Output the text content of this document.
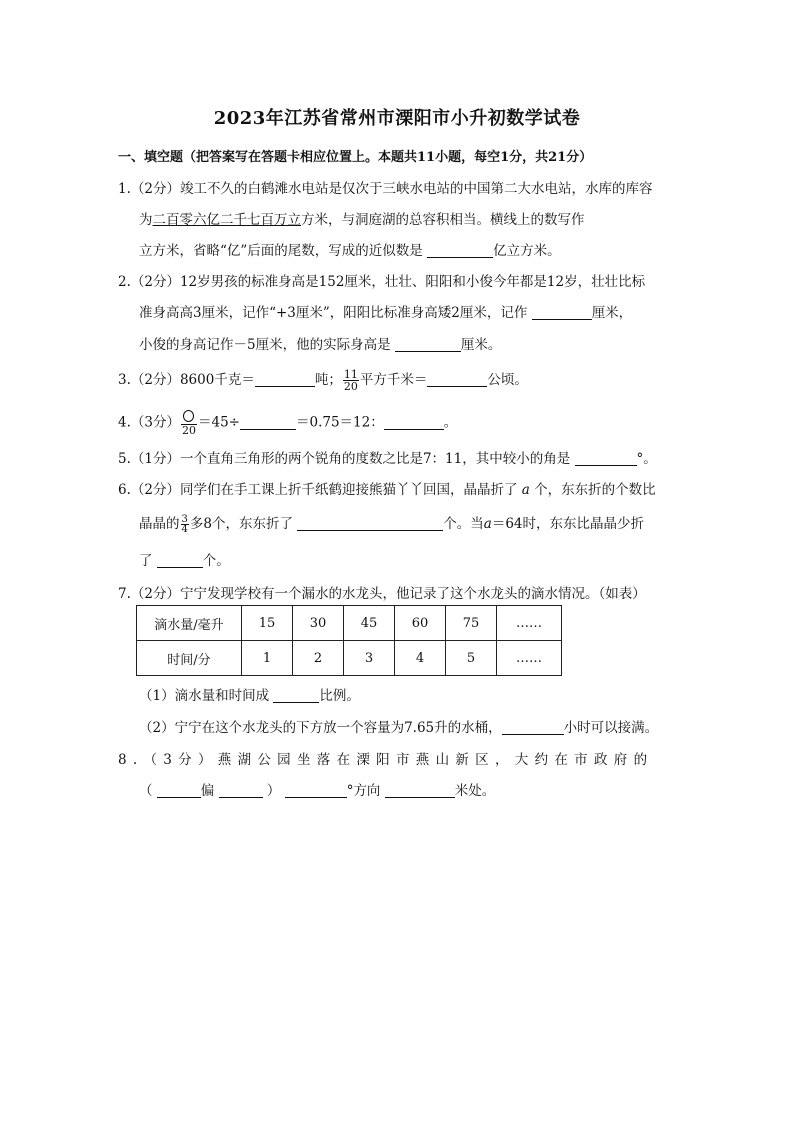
2023年江苏省常州市溧阳市小升初数学试卷
一、填空题（把答案写在答题卡相应位置上。本题共11小题，每空1分，共21分）
1.（2分）竣工不久的白鹤滩水电站是仅次于三峡水电站的中国第二大水电站，水库的库容
为二百零六亿二千七百万立方米，与洞庭湖的总容积相当。横线上的数写作
立方米，省略“亿”后面的尾数，写成的近似数是	亿立方米。
2.（2分）12岁男孩的标准身高是152厘米，壮壮、阳阳和小俊今年都是12岁，壮壮比标
准身高高3厘米，记作“+3厘米”，阳阳比标准身高矮2厘米，记作	厘米，
小俊的身高记作－5厘米，他的实际身高是	厘米。
3.（2分）8600千克＝	吨； $\frac{11}{20}$ 平方千米＝	公顷。
4.（3分） 20 ＝45÷	＝0.75＝12：	。
5.（1分）一个直角三角形的两个锐角的度数之比是7：11，其中较小的角是	°。
6.（2分）同学们在手工课上折千纸鹤迎接熊猫丫丫回国，晶晶折了 a 个，东东折的个数比
晶晶的 $\frac{3}{4}$ 多8个，东东折了	个。当a＝64时，东东比晶晶少折
了	个。
7.（2分）宁宁发现学校有一个漏水的水龙头，他记录了这个水龙头的滴水情况。（如表）
滴水量/毫升	15	30	45	60	75	……
时间/分	1	2	3	4	5	……
（1）滴水量和时间成	比例。
（2）宁宁在这个水龙头的下方放一个容量为7.65升的水桶，	小时可以接满。
8.（3分）燕湖公园坐落在溧阳市燕山新区，大约在市政府的
（	偏	）	°方向	米处。
